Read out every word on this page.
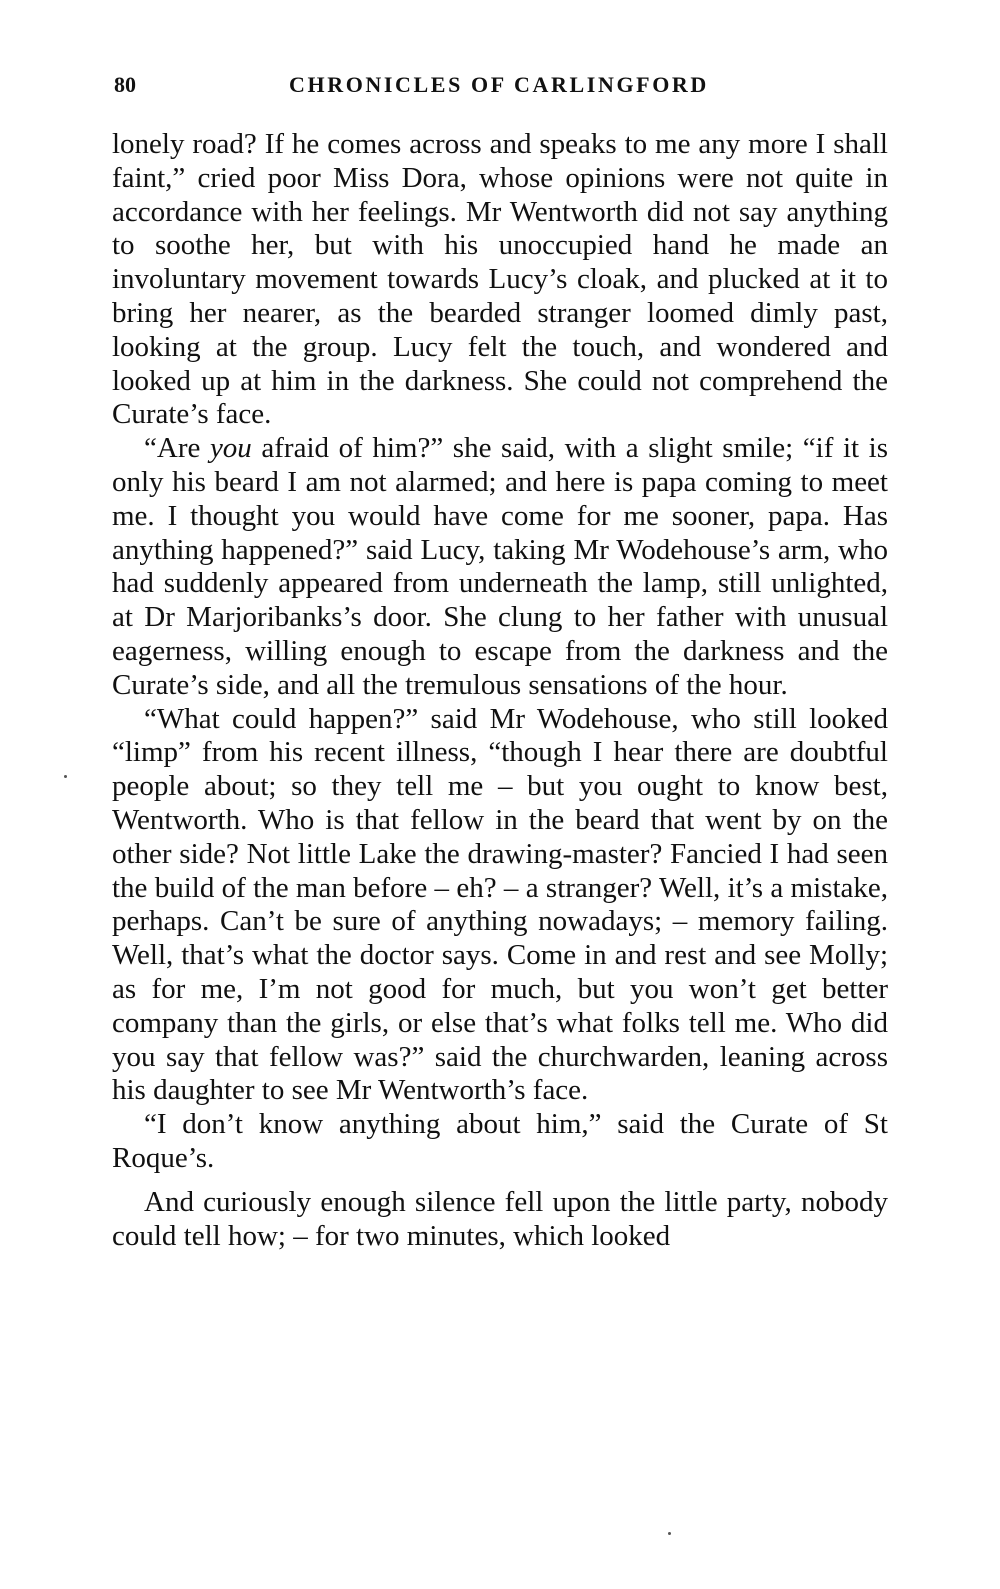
80	CHRONICLES OF CARLINGFORD

lonely road? If he comes across and speaks to me any more I shall faint,” cried poor Miss Dora, whose opinions were not quite in accordance with her feelings. Mr Wentworth did not say anything to soothe her, but with his unoccupied hand he made an involuntary movement towards Lucy’s cloak, and plucked at it to bring her nearer, as the bearded stranger loomed dimly past, looking at the group. Lucy felt the touch, and wondered and looked up at him in the darkness. She could not comprehend the Curate’s face.

“Are you afraid of him?” she said, with a slight smile; “if it is only his beard I am not alarmed; and here is papa coming to meet me. I thought you would have come for me sooner, papa. Has anything happened?” said Lucy, taking Mr Wodehouse’s arm, who had suddenly appeared from underneath the lamp, still unlighted, at Dr Marjoribanks’s door. She clung to her father with unusual eagerness, willing enough to escape from the darkness and the Curate’s side, and all the tremulous sensations of the hour.

“What could happen?” said Mr Wodehouse, who still looked “limp” from his recent illness, “though I hear there are doubtful people about; so they tell me – but you ought to know best, Wentworth. Who is that fellow in the beard that went by on the other side? Not little Lake the drawing-master? Fancied I had seen the build of the man before – eh? – a stranger? Well, it’s a mistake, perhaps. Can’t be sure of anything nowadays; – memory failing. Well, that’s what the doctor says. Come in and rest and see Molly; as for me, I’m not good for much, but you won’t get better company than the girls, or else that’s what folks tell me. Who did you say that fellow was?” said the churchwarden, leaning across his daughter to see Mr Wentworth’s face.

“I don’t know anything about him,” said the Curate of St Roque’s.

And curiously enough silence fell upon the little party, nobody could tell how; – for two minutes, which looked
